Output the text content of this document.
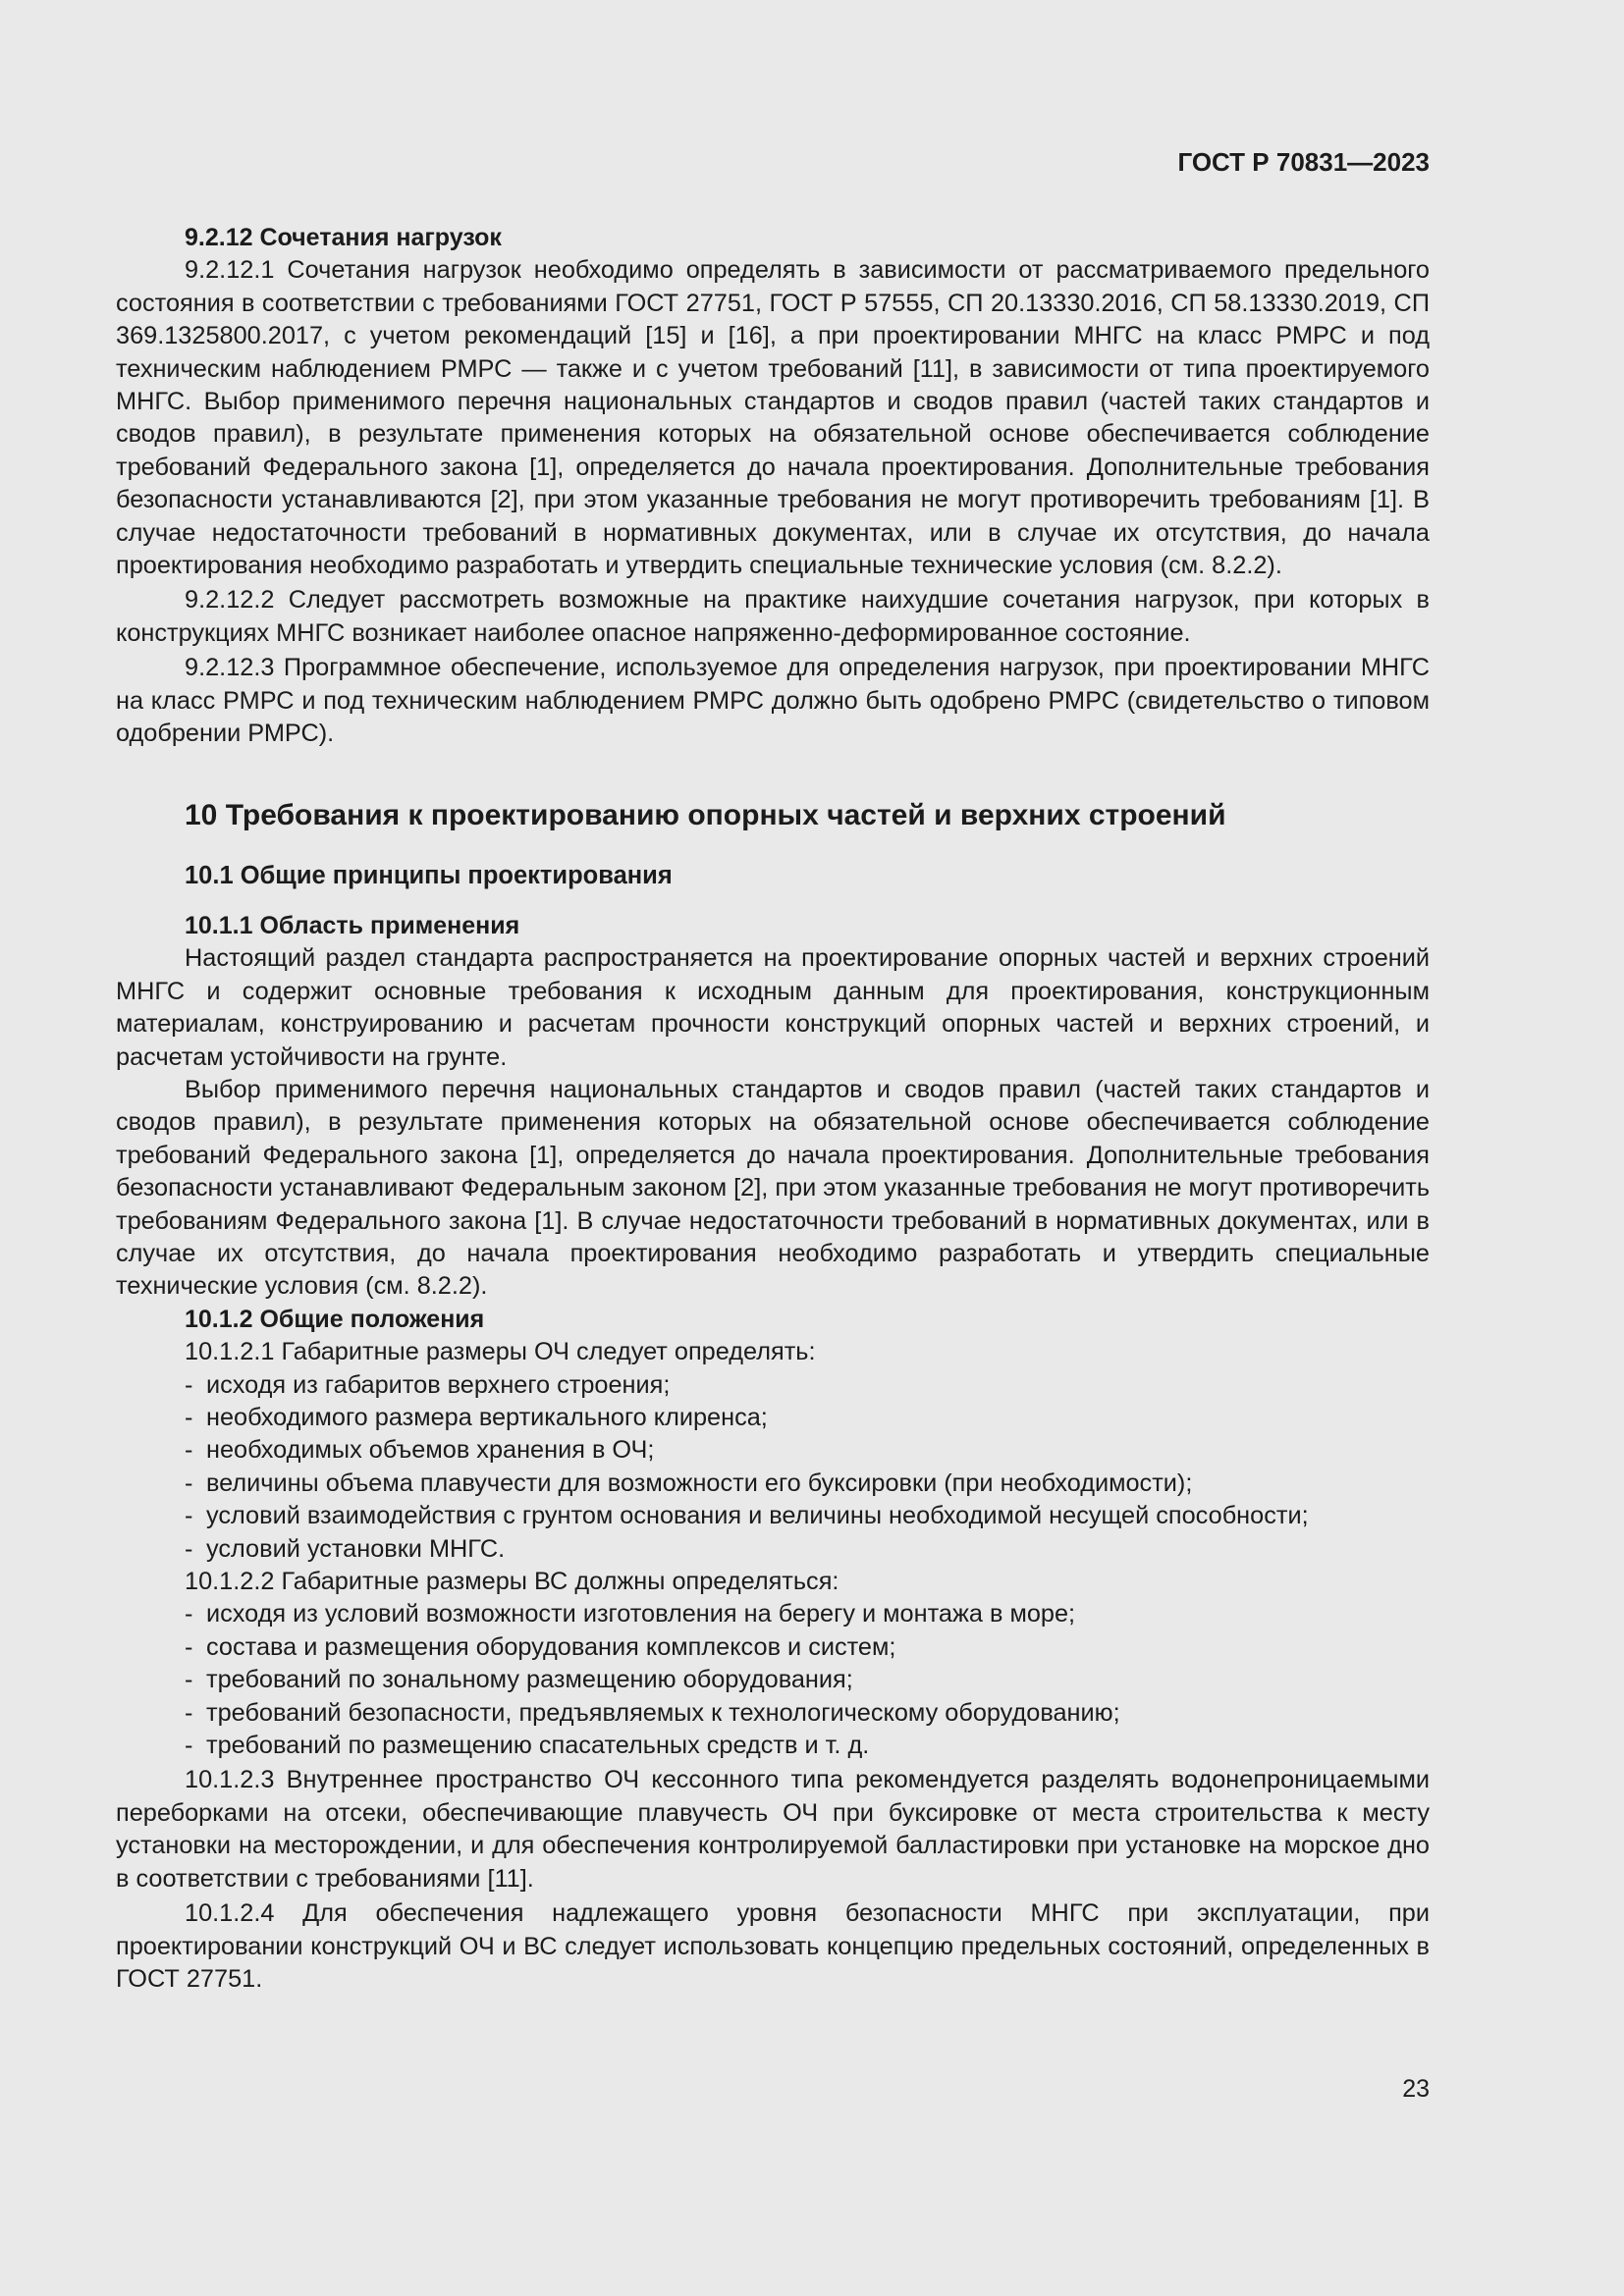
ГОСТ Р 70831—2023

9.2.12 Сочетания нагрузок

9.2.12.1 Сочетания нагрузок необходимо определять в зависимости от рассматриваемого предельного состояния в соответствии с требованиями ГОСТ 27751, ГОСТ Р 57555, СП 20.13330.2016, СП 58.13330.2019, СП 369.1325800.2017, с учетом рекомендаций [15] и [16], а при проектировании МНГС на класс РМРС и под техническим наблюдением РМРС — также и с учетом требований [11], в зависимости от типа проектируемого МНГС. Выбор применимого перечня национальных стандартов и сводов правил (частей таких стандартов и сводов правил), в результате применения которых на обязательной основе обеспечивается соблюдение требований Федерального закона [1], определяется до начала проектирования. Дополнительные требования безопасности устанавливаются [2], при этом указанные требования не могут противоречить требованиям [1]. В случае недостаточности требований в нормативных документах, или в случае их отсутствия, до начала проектирования необходимо разработать и утвердить специальные технические условия (см. 8.2.2).

9.2.12.2 Следует рассмотреть возможные на практике наихудшие сочетания нагрузок, при которых в конструкциях МНГС возникает наиболее опасное напряженно-деформированное состояние.

9.2.12.3 Программное обеспечение, используемое для определения нагрузок, при проектировании МНГС на класс РМРС и под техническим наблюдением РМРС должно быть одобрено РМРС (свидетельство о типовом одобрении РМРС).

10 Требования к проектированию опорных частей и верхних строений

10.1 Общие принципы проектирования

10.1.1 Область применения

Настоящий раздел стандарта распространяется на проектирование опорных частей и верхних строений МНГС и содержит основные требования к исходным данным для проектирования, конструкционным материалам, конструированию и расчетам прочности конструкций опорных частей и верхних строений, и расчетам устойчивости на грунте.

Выбор применимого перечня национальных стандартов и сводов правил (частей таких стандартов и сводов правил), в результате применения которых на обязательной основе обеспечивается соблюдение требований Федерального закона [1], определяется до начала проектирования. Дополнительные требования безопасности устанавливают Федеральным законом [2], при этом указанные требования не могут противоречить требованиям Федерального закона [1]. В случае недостаточности требований в нормативных документах, или в случае их отсутствия, до начала проектирования необходимо разработать и утвердить специальные технические условия (см. 8.2.2).

10.1.2 Общие положения

10.1.2.1 Габаритные размеры ОЧ следует определять:

- исходя из габаритов верхнего строения;

- необходимого размера вертикального клиренса;

- необходимых объемов хранения в ОЧ;

- величины объема плавучести для возможности его буксировки (при необходимости);

- условий взаимодействия с грунтом основания и величины необходимой несущей способности;

- условий установки МНГС.

10.1.2.2 Габаритные размеры ВС должны определяться:

- исходя из условий возможности изготовления на берегу и монтажа в море;

- состава и размещения оборудования комплексов и систем;

- требований по зональному размещению оборудования;

- требований безопасности, предъявляемых к технологическому оборудованию;

- требований по размещению спасательных средств и т. д.

10.1.2.3 Внутреннее пространство ОЧ кессонного типа рекомендуется разделять водонепроницаемыми переборками на отсеки, обеспечивающие плавучесть ОЧ при буксировке от места строительства к месту установки на месторождении, и для обеспечения контролируемой балластировки при установке на морское дно в соответствии с требованиями [11].

10.1.2.4 Для обеспечения надлежащего уровня безопасности МНГС при эксплуатации, при проектировании конструкций ОЧ и ВС следует использовать концепцию предельных состояний, определенных в ГОСТ 27751.

23
